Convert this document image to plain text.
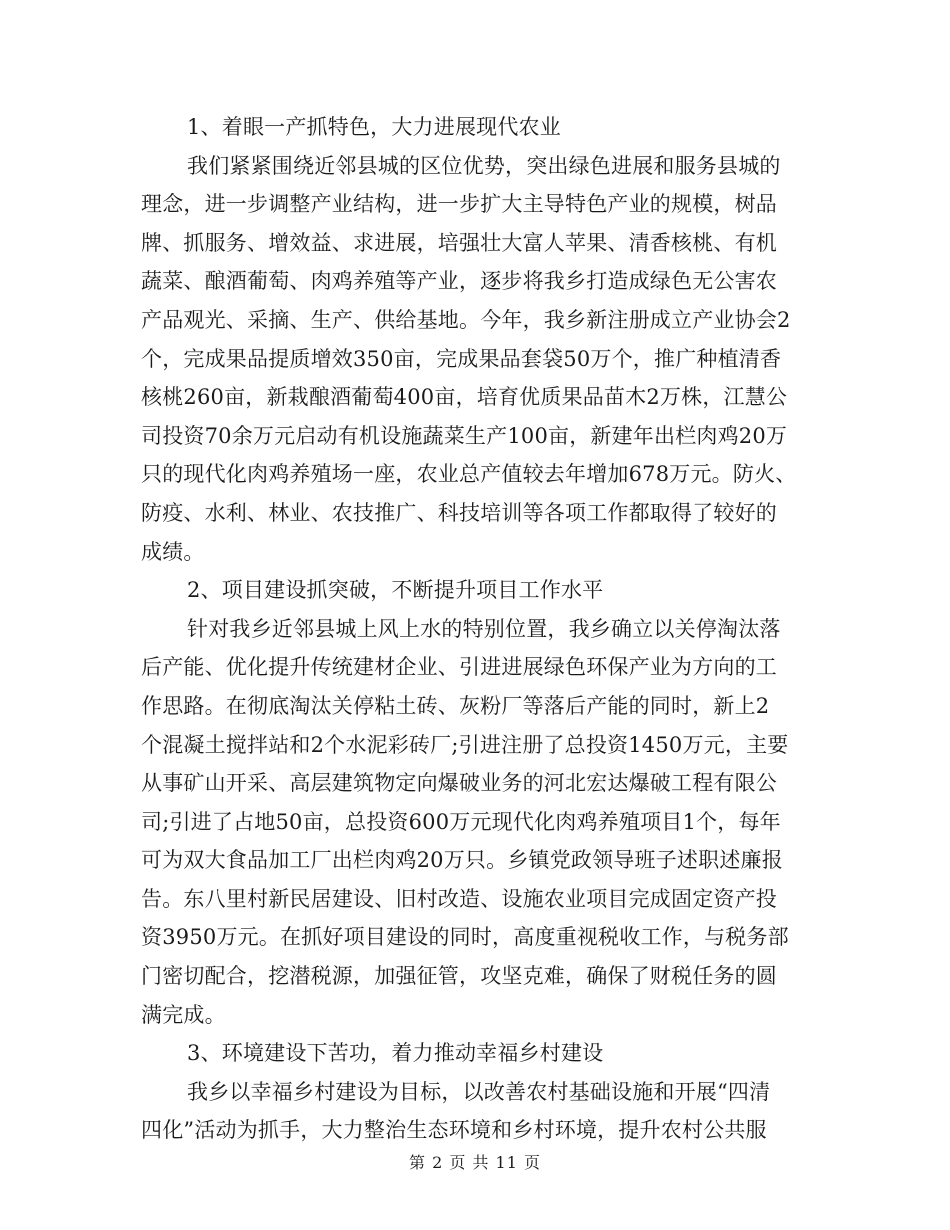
1、着眼一产抓特色，大力进展现代农业
我们紧紧围绕近邻县城的区位优势，突出绿色进展和服务县城的
理念，进一步调整产业结构，进一步扩大主导特色产业的规模，树品
牌、抓服务、增效益、求进展，培强壮大富人苹果、清香核桃、有机
蔬菜、酿酒葡萄、肉鸡养殖等产业，逐步将我乡打造成绿色无公害农
产品观光、采摘、生产、供给基地。今年，我乡新注册成立产业协会2
个，完成果品提质增效350亩，完成果品套袋50万个，推广种植清香
核桃260亩，新栽酿酒葡萄400亩，培育优质果品苗木2万株，江慧公
司投资70余万元启动有机设施蔬菜生产100亩，新建年出栏肉鸡20万
只的现代化肉鸡养殖场一座，农业总产值较去年增加678万元。防火、
防疫、水利、林业、农技推广、科技培训等各项工作都取得了较好的
成绩。
2、项目建设抓突破，不断提升项目工作水平
针对我乡近邻县城上风上水的特别位置，我乡确立以关停淘汰落
后产能、优化提升传统建材企业、引进进展绿色环保产业为方向的工
作思路。在彻底淘汰关停粘土砖、灰粉厂等落后产能的同时，新上2
个混凝土搅拌站和2个水泥彩砖厂;引进注册了总投资1450万元，主要
从事矿山开采、高层建筑物定向爆破业务的河北宏达爆破工程有限公
司;引进了占地50亩，总投资600万元现代化肉鸡养殖项目1个，每年
可为双大食品加工厂出栏肉鸡20万只。乡镇党政领导班子述职述廉报
告。东八里村新民居建设、旧村改造、设施农业项目完成固定资产投
资3950万元。在抓好项目建设的同时，高度重视税收工作，与税务部
门密切配合，挖潜税源，加强征管，攻坚克难，确保了财税任务的圆
满完成。
3、环境建设下苦功，着力推动幸福乡村建设
我乡以幸福乡村建设为目标，以改善农村基础设施和开展“四清
四化”活动为抓手，大力整治生态环境和乡村环境，提升农村公共服
第 2 页 共 11 页
